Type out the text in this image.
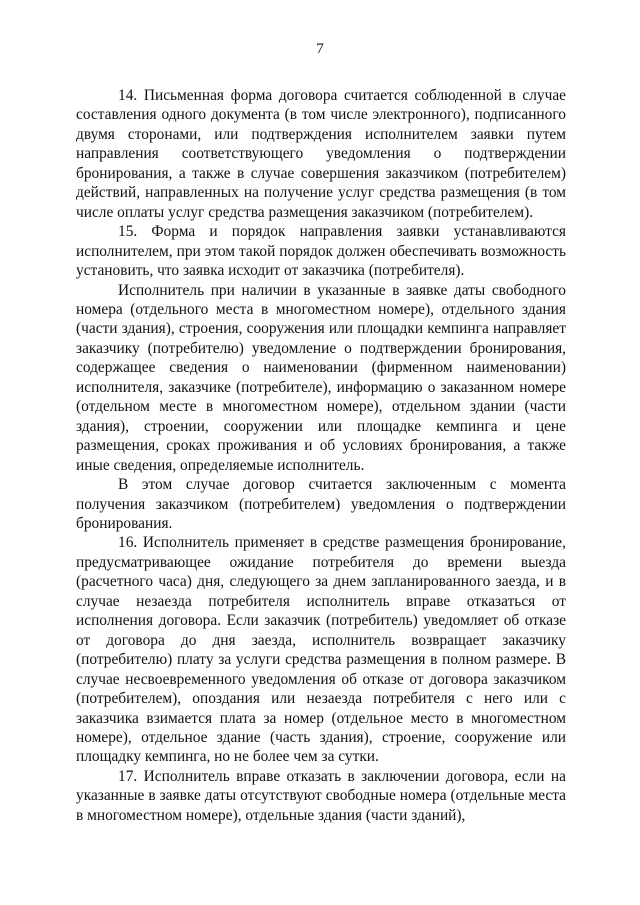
7

14. Письменная форма договора считается соблюденной в случае составления одного документа (в том числе электронного), подписанного двумя сторонами, или подтверждения исполнителем заявки путем направления соответствующего уведомления о подтверждении бронирования, а также в случае совершения заказчиком (потребителем) действий, направленных на получение услуг средства размещения (в том числе оплаты услуг средства размещения заказчиком (потребителем).

15. Форма и порядок направления заявки устанавливаются исполнителем, при этом такой порядок должен обеспечивать возможность установить, что заявка исходит от заказчика (потребителя).

Исполнитель при наличии в указанные в заявке даты свободного номера (отдельного места в многоместном номере), отдельного здания (части здания), строения, сооружения или площадки кемпинга направляет заказчику (потребителю) уведомление о подтверждении бронирования, содержащее сведения о наименовании (фирменном наименовании) исполнителя, заказчике (потребителе), информацию о заказанном номере (отдельном месте в многоместном номере), отдельном здании (части здания), строении, сооружении или площадке кемпинга и цене размещения, сроках проживания и об условиях бронирования, а также иные сведения, определяемые исполнитель.

В этом случае договор считается заключенным с момента получения заказчиком (потребителем) уведомления о подтверждении бронирования.

16. Исполнитель применяет в средстве размещения бронирование, предусматривающее ожидание потребителя до времени выезда (расчетного часа) дня, следующего за днем запланированного заезда, и в случае незаезда потребителя исполнитель вправе отказаться от исполнения договора. Если заказчик (потребитель) уведомляет об отказе от договора до дня заезда, исполнитель возвращает заказчику (потребителю) плату за услуги средства размещения в полном размере. В случае несвоевременного уведомления об отказе от договора заказчиком (потребителем), опоздания или незаезда потребителя с него или с заказчика взимается плата за номер (отдельное место в многоместном номере), отдельное здание (часть здания), строение, сооружение или площадку кемпинга, но не более чем за сутки.

17. Исполнитель вправе отказать в заключении договора, если на указанные в заявке даты отсутствуют свободные номера (отдельные места в многоместном номере), отдельные здания (части зданий),
